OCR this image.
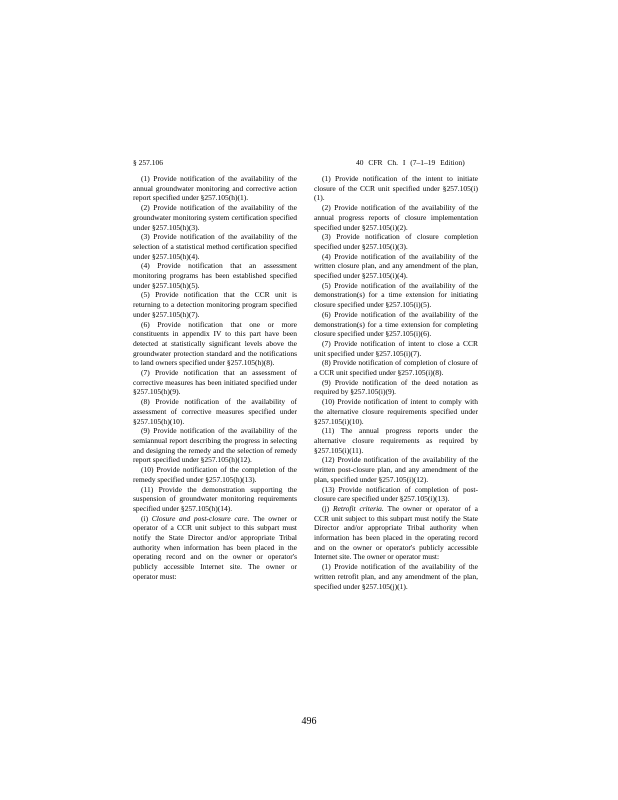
§ 257.106	40 CFR Ch. I (7–1–19 Edition)

(1) Provide notification of the availability of the annual groundwater monitoring and corrective action report specified under §257.105(h)(1).

(2) Provide notification of the availability of the groundwater monitoring system certification specified under §257.105(h)(3).

(3) Provide notification of the availability of the selection of a statistical method certification specified under §257.105(h)(4).

(4) Provide notification that an assessment monitoring programs has been established specified under §257.105(h)(5).

(5) Provide notification that the CCR unit is returning to a detection monitoring program specified under §257.105(h)(7).

(6) Provide notification that one or more constituents in appendix IV to this part have been detected at statistically significant levels above the groundwater protection standard and the notifications to land owners specified under §257.105(h)(8).

(7) Provide notification that an assessment of corrective measures has been initiated specified under §257.105(h)(9).

(8) Provide notification of the availability of assessment of corrective measures specified under §257.105(h)(10).

(9) Provide notification of the availability of the semiannual report describing the progress in selecting and designing the remedy and the selection of remedy report specified under §257.105(h)(12).

(10) Provide notification of the completion of the remedy specified under §257.105(h)(13).

(11) Provide the demonstration supporting the suspension of groundwater monitoring requirements specified under §257.105(h)(14).

(i) Closure and post-closure care. The owner or operator of a CCR unit subject to this subpart must notify the State Director and/or appropriate Tribal authority when information has been placed in the operating record and on the owner or operator's publicly accessible Internet site. The owner or operator must:

(1) Provide notification of the intent to initiate closure of the CCR unit specified under §257.105(i)(1).

(2) Provide notification of the availability of the annual progress reports of closure implementation specified under §257.105(i)(2).

(3) Provide notification of closure completion specified under §257.105(i)(3).

(4) Provide notification of the availability of the written closure plan, and any amendment of the plan, specified under §257.105(i)(4).

(5) Provide notification of the availability of the demonstration(s) for a time extension for initiating closure specified under §257.105(i)(5).

(6) Provide notification of the availability of the demonstration(s) for a time extension for completing closure specified under §257.105(i)(6).

(7) Provide notification of intent to close a CCR unit specified under §257.105(i)(7).

(8) Provide notification of completion of closure of a CCR unit specified under §257.105(i)(8).

(9) Provide notification of the deed notation as required by §257.105(i)(9).

(10) Provide notification of intent to comply with the alternative closure requirements specified under §257.105(i)(10).

(11) The annual progress reports under the alternative closure requirements as required by §257.105(i)(11).

(12) Provide notification of the availability of the written post-closure plan, and any amendment of the plan, specified under §257.105(i)(12).

(13) Provide notification of completion of post-closure care specified under §257.105(i)(13).

(j) Retrofit criteria. The owner or operator of a CCR unit subject to this subpart must notify the State Director and/or appropriate Tribal authority when information has been placed in the operating record and on the owner or operator's publicly accessible Internet site. The owner or operator must:

(1) Provide notification of the availability of the written retrofit plan, and any amendment of the plan, specified under §257.105(j)(1).

496
